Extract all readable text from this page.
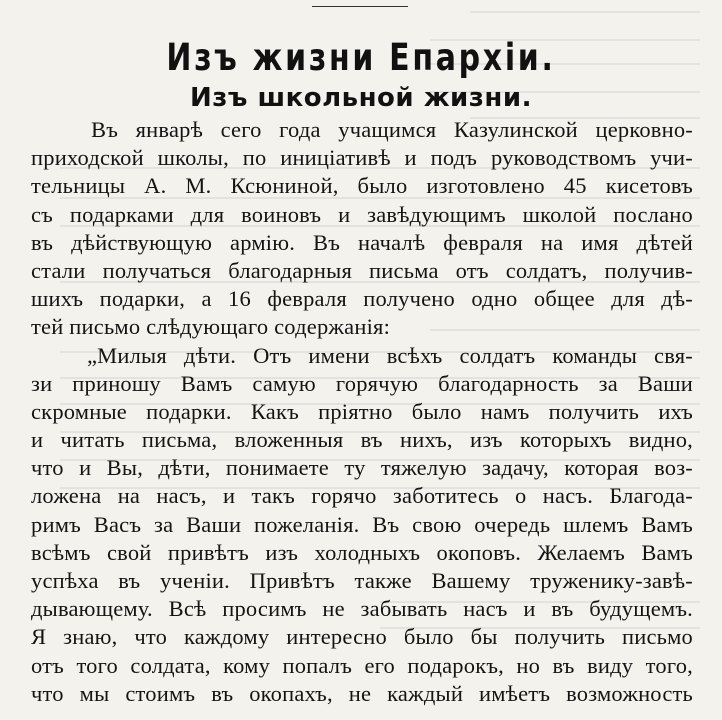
Изъ жизни Епархіи.
Изъ школьной жизни.
Въ январѣ сего года учащимся Казулинской церковно-
приходской школы, по иниціативѣ и подъ руководствомъ учи-
тельницы А. М. Ксюниной, было изготовлено 45 кисетовъ
съ подарками для воиновъ и завѣдующимъ школой послано
въ дѣйствующую армію. Въ началѣ февраля на имя дѣтей
стали получаться благодарныя письма отъ солдатъ, получив-
шихъ подарки, а 16 февраля получено одно общее для дѣ-
тей письмо слѣдующаго содержанія:
„Милыя дѣти. Отъ имени всѣхъ солдатъ команды свя-
зи приношу Вамъ самую горячую благодарность за Ваши
скромные подарки. Какъ пріятно было намъ получить ихъ
и читать письма, вложенныя въ нихъ, изъ которыхъ видно,
что и Вы, дѣти, понимаете ту тяжелую задачу, которая воз-
ложена на насъ, и такъ горячо заботитесь о насъ. Благода-
римъ Васъ за Ваши пожеланія. Въ свою очередь шлемъ Вамъ
всѣмъ свой привѣтъ изъ холодныхъ окоповъ. Желаемъ Вамъ
успѣха въ ученіи. Привѣтъ также Вашему труженику-завѣ-
дывающему. Всѣ просимъ не забывать насъ и въ будущемъ.
Я знаю, что каждому интересно было бы получить письмо
отъ того солдата, кому попалъ его подарокъ, но въ виду того,
что мы стоимъ въ окопахъ, не каждый имѣетъ возможность
